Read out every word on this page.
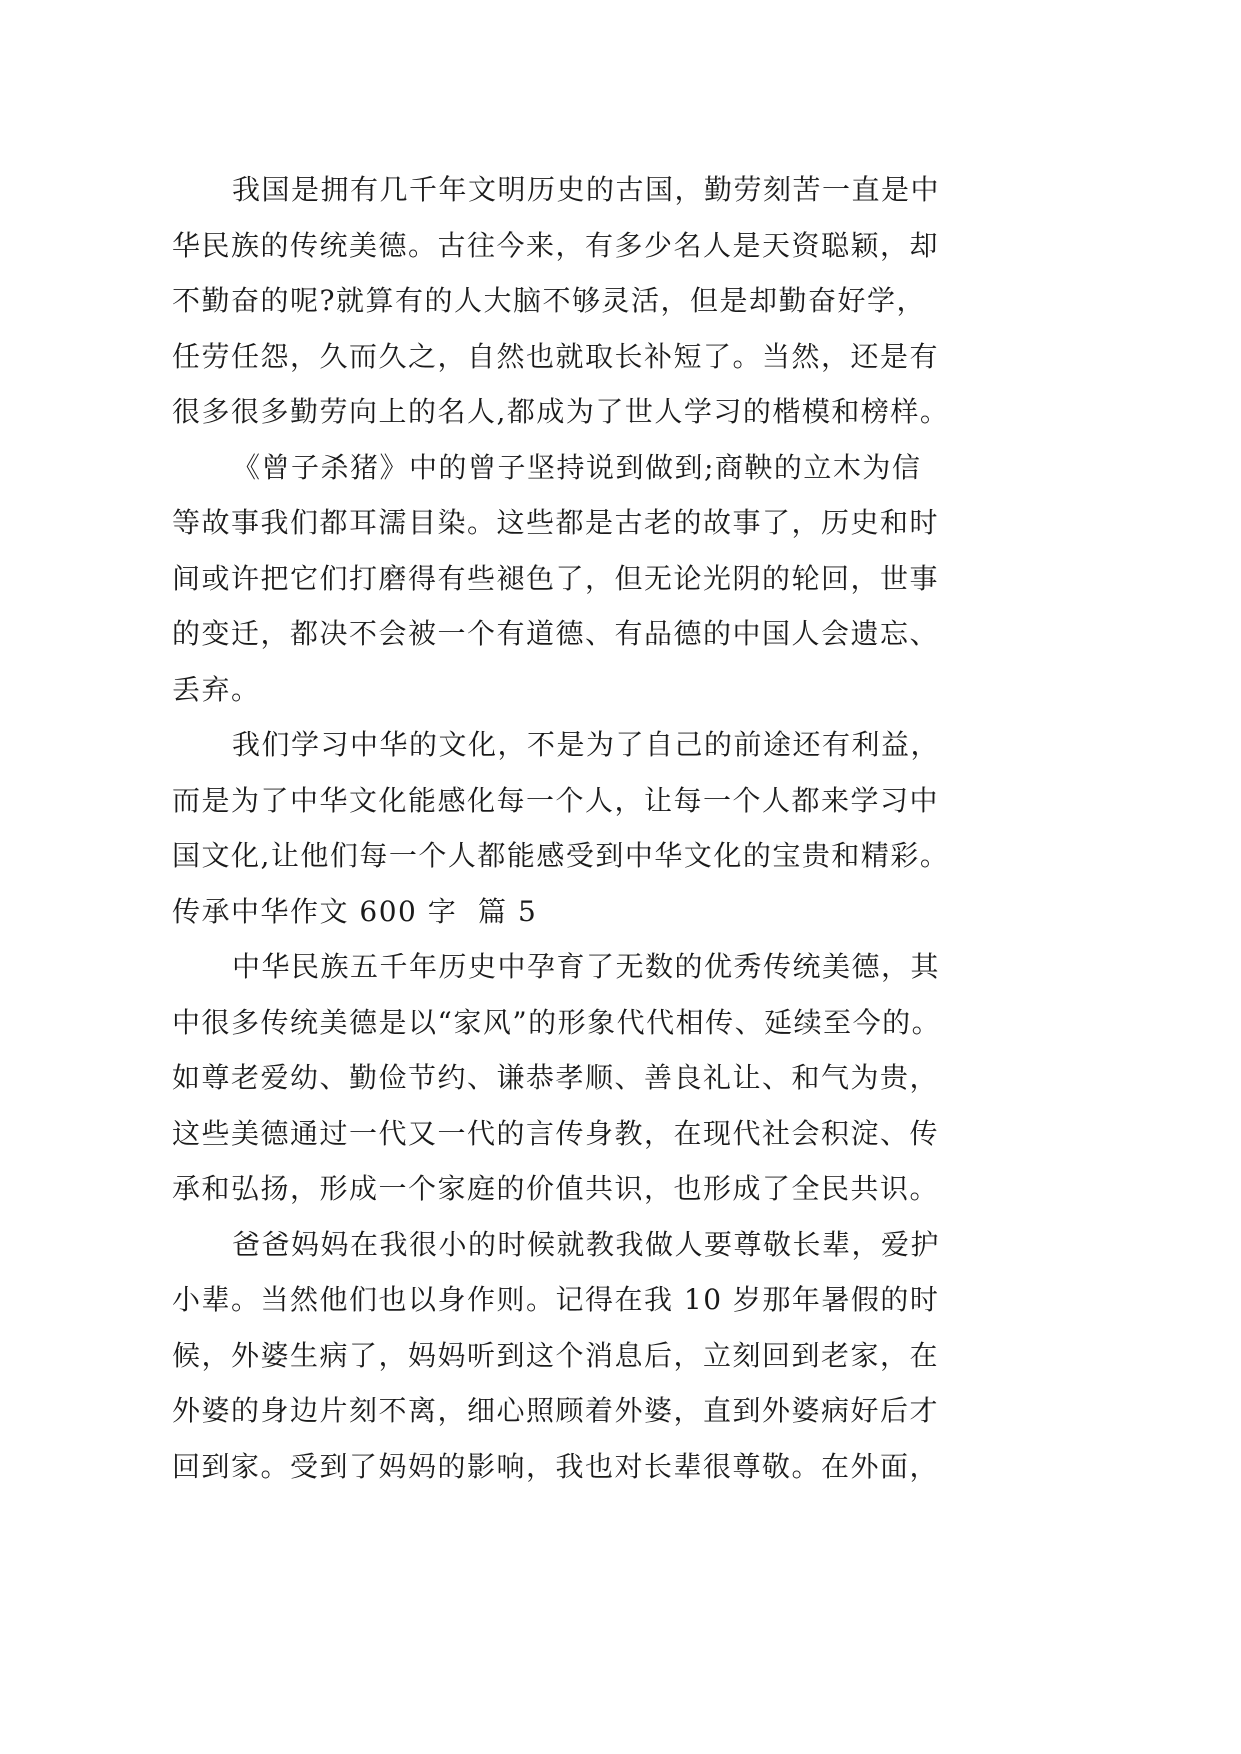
我国是拥有几千年文明历史的古国，勤劳刻苦一直是中
华民族的传统美德。古往今来，有多少名人是天资聪颖，却
不勤奋的呢?就算有的人大脑不够灵活，但是却勤奋好学，
任劳任怨，久而久之，自然也就取长补短了。当然，还是有
很多很多勤劳向上的名人,都成为了世人学习的楷模和榜样。
《曾子杀猪》中的曾子坚持说到做到;商鞅的立木为信
等故事我们都耳濡目染。这些都是古老的故事了，历史和时
间或许把它们打磨得有些褪色了，但无论光阴的轮回，世事
的变迁，都决不会被一个有道德、有品德的中国人会遗忘、
丢弃。
我们学习中华的文化，不是为了自己的前途还有利益，
而是为了中华文化能感化每一个人，让每一个人都来学习中
国文化,让他们每一个人都能感受到中华文化的宝贵和精彩。
传承中华作文 600 字  篇 5
中华民族五千年历史中孕育了无数的优秀传统美德，其
中很多传统美德是以“家风”的形象代代相传、延续至今的。
如尊老爱幼、勤俭节约、谦恭孝顺、善良礼让、和气为贵，
这些美德通过一代又一代的言传身教，在现代社会积淀、传
承和弘扬，形成一个家庭的价值共识，也形成了全民共识。
爸爸妈妈在我很小的时候就教我做人要尊敬长辈，爱护
小辈。当然他们也以身作则。记得在我 10 岁那年暑假的时
候，外婆生病了，妈妈听到这个消息后，立刻回到老家，在
外婆的身边片刻不离，细心照顾着外婆，直到外婆病好后才
回到家。受到了妈妈的影响，我也对长辈很尊敬。在外面，
